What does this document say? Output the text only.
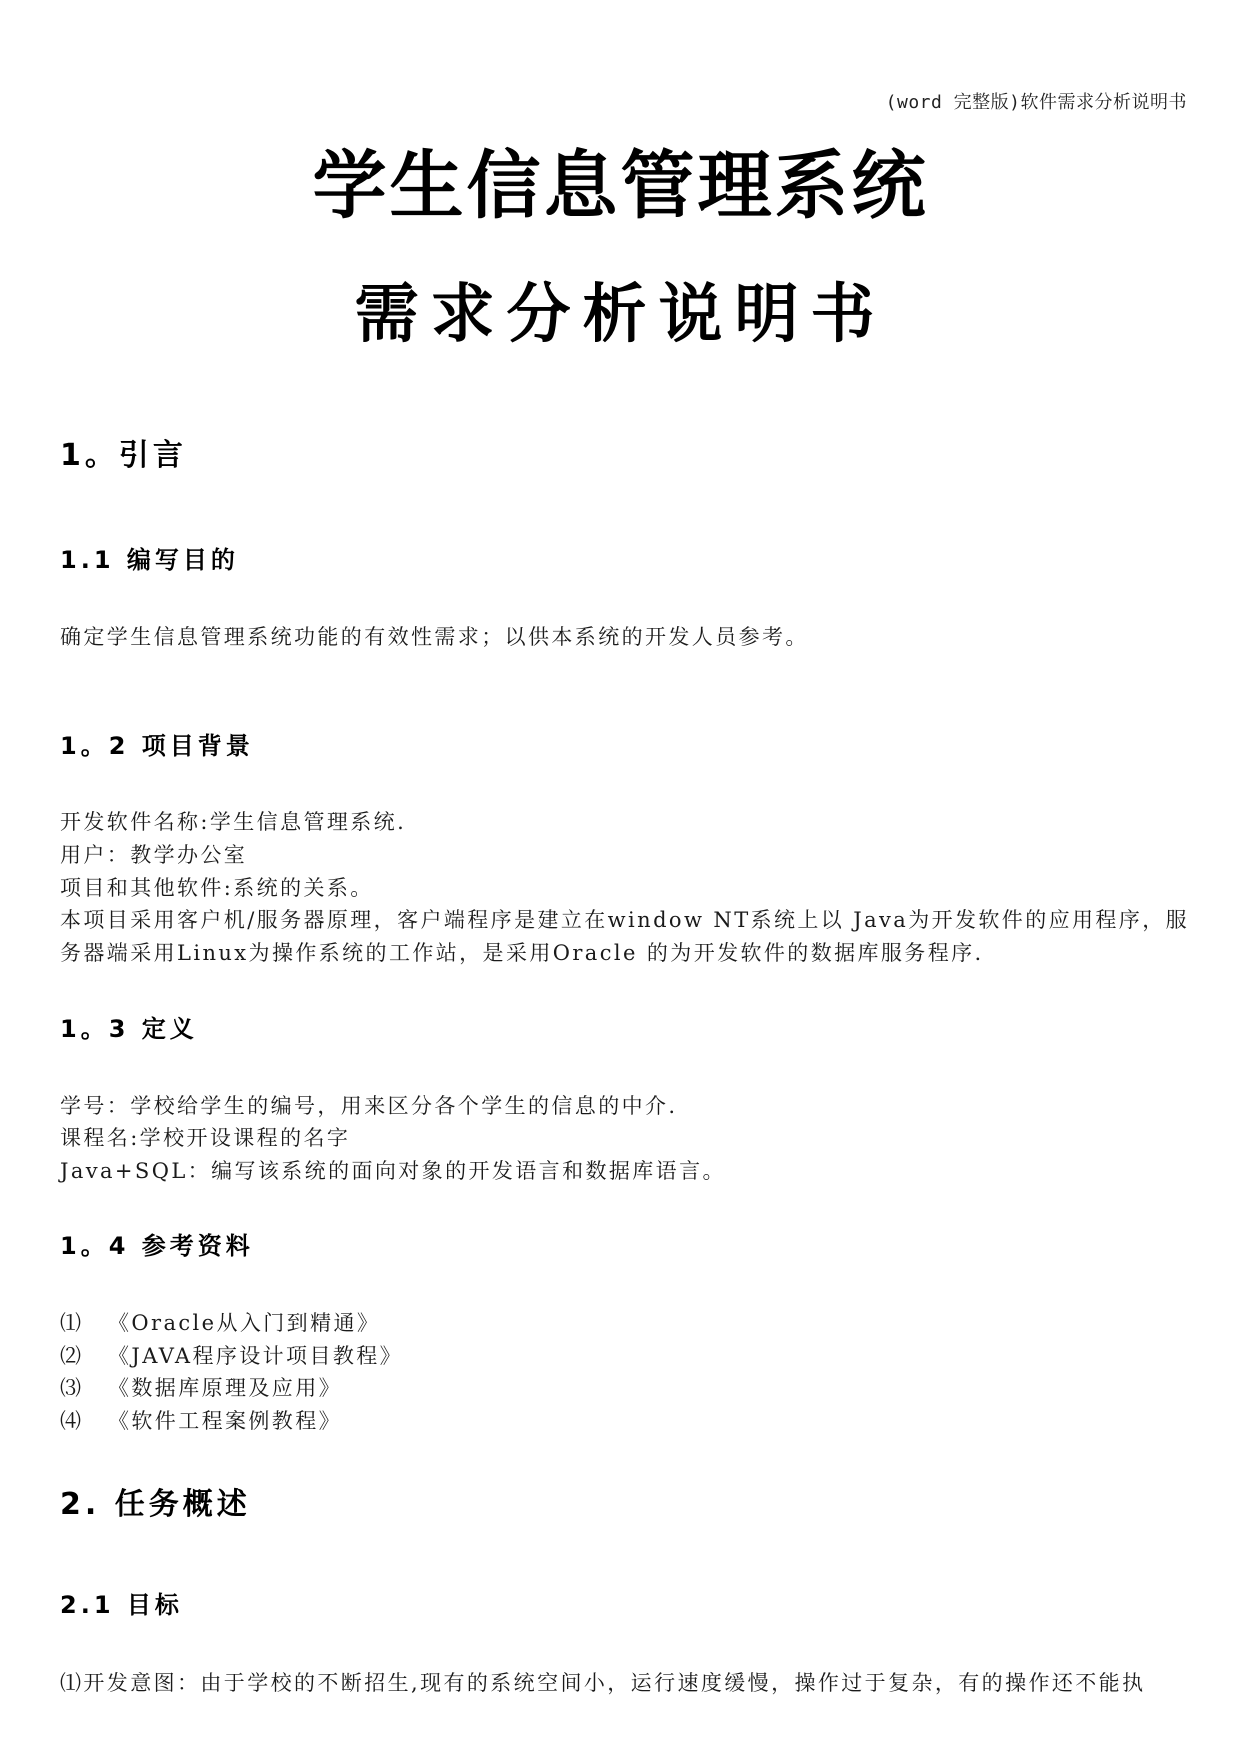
(word 完整版)软件需求分析说明书
学生信息管理系统
需求分析说明书
1。引言
1.1 编写目的
确定学生信息管理系统功能的有效性需求；以供本系统的开发人员参考。
1。2 项目背景
开发软件名称:学生信息管理系统.
用户：教学办公室
项目和其他软件:系统的关系。
本项目采用客户机/服务器原理，客户端程序是建立在window NT系统上以 Java为开发软件的应用程序，服
务器端采用Linux为操作系统的工作站，是采用Oracle 的为开发软件的数据库服务程序.
1。3 定义
学号：学校给学生的编号，用来区分各个学生的信息的中介.
课程名:学校开设课程的名字
Java+SQL：编写该系统的面向对象的开发语言和数据库语言。
1。4 参考资料
⑴ 《Oracle从入门到精通》
⑵ 《JAVA程序设计项目教程》
⑶ 《数据库原理及应用》
⑷ 《软件工程案例教程》
2. 任务概述
2.1 目标
⑴开发意图：由于学校的不断招生,现有的系统空间小，运行速度缓慢，操作过于复杂，有的操作还不能执
